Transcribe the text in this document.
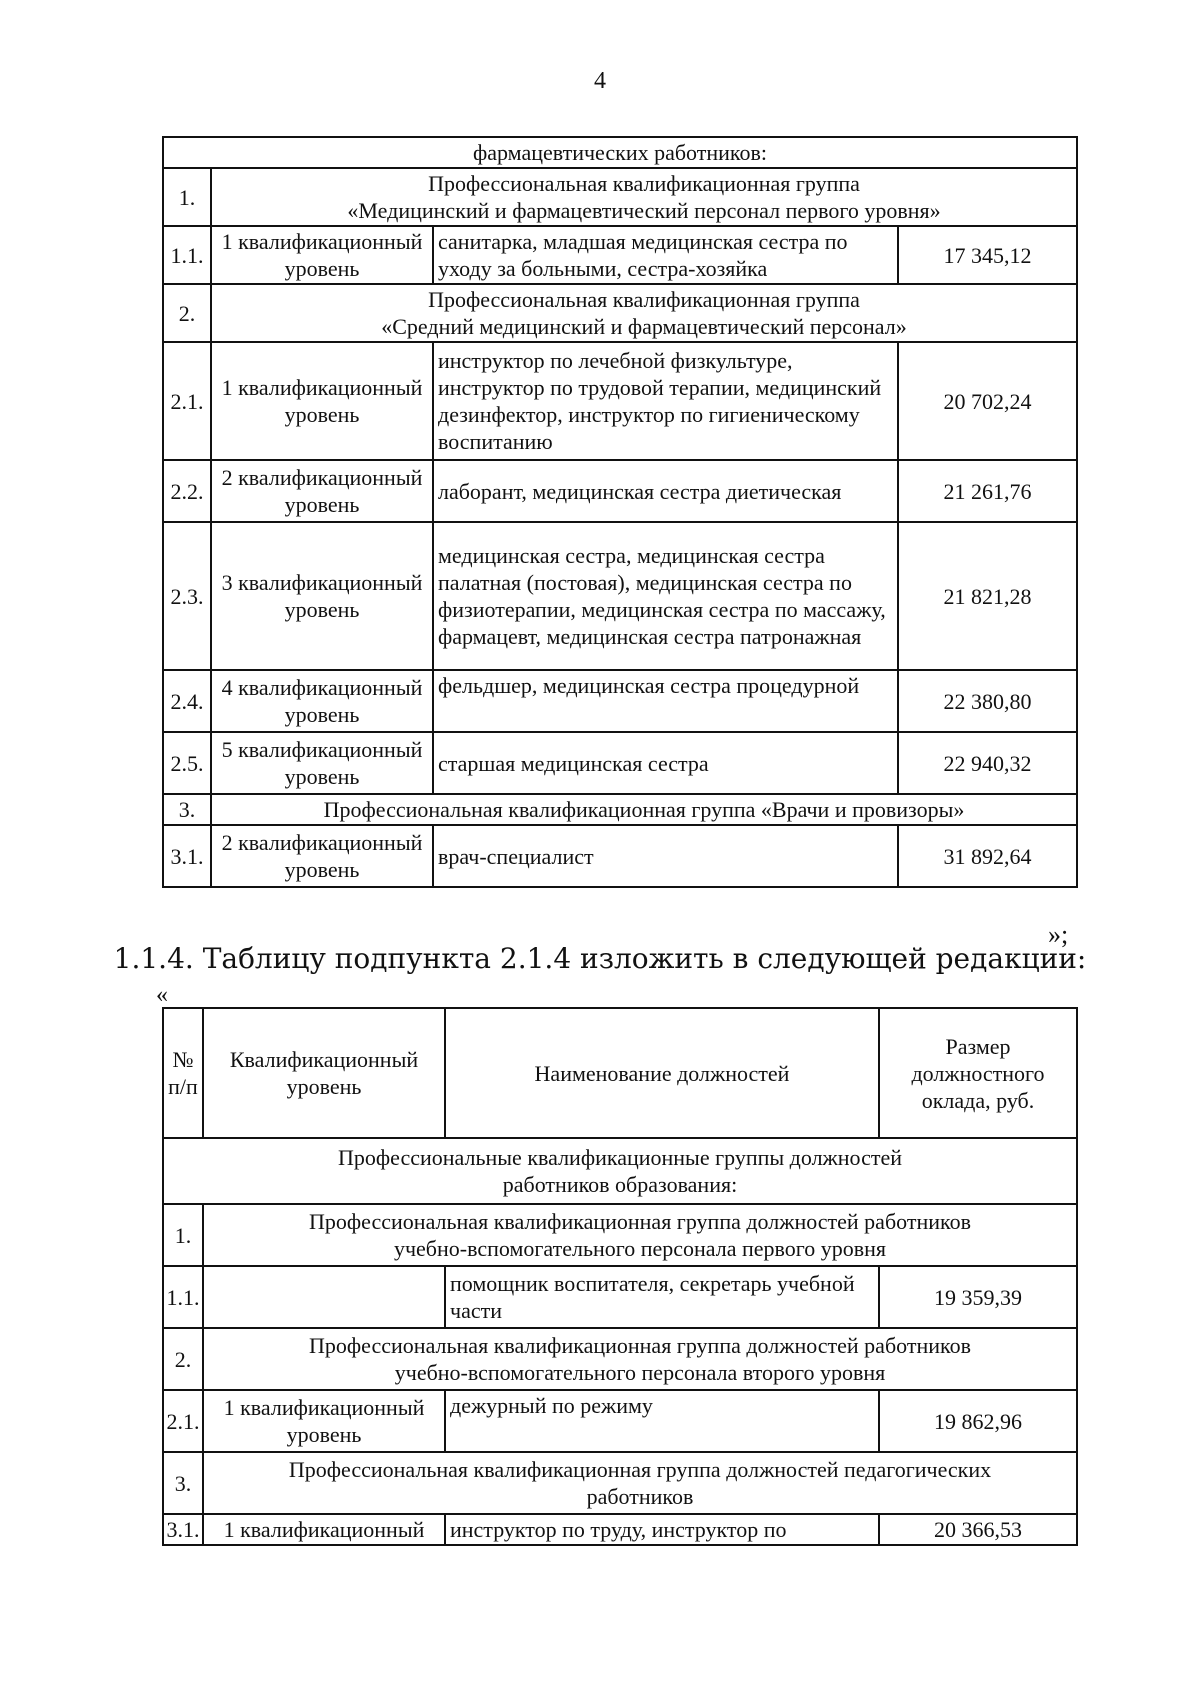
4
фармацевтических работников:			
1.	Профессиональная квалификационная группа
«Медицинский и фармацевтический персонал первого уровня»		

1.1.	1 квалификационный уровень	санитарка, младшая медицинская сестра по уходу за больными, сестра-хозяйка	17 345,12
2.	Профессиональная квалификационная группа
«Средний медицинский и фармацевтический персонал»		

2.1.	1 квалификационный уровень	инструктор по лечебной физкультуре, инструктор по трудовой терапии, медицинский дезинфектор, инструктор по гигиеническому воспитанию	20 702,24
2.2.	2 квалификационный уровень	лаборант, медицинская сестра диетическая	21 261,76
2.3.	3 квалификационный уровень	медицинская сестра, медицинская сестра палатная (постовая), медицинская сестра по физиотерапии, медицинская сестра по массажу, фармацевт, медицинская сестра патронажная	21 821,28
2.4.	4 квалификационный уровень	фельдшер, медицинская сестра процедурной	22 380,80
2.5.	5 квалификационный уровень	старшая медицинская сестра	22 940,32
3.	Профессиональная квалификационная группа «Врачи и провизоры»		
3.1.	2 квалификационный уровень	врач-специалист	31 892,64
»;
1.1.4. Таблицу подпункта 2.1.4 изложить в следующей редакции:
«
№ п/п	Квалификационный уровень	Наименование должностей	Размер должностного оклада, руб.

Профессиональные квалификационные группы должностей
работников образования:			

1.	Профессиональная квалификационная группа должностей работников
учебно-вспомогательного персонала первого уровня		

1.1.		помощник воспитателя, секретарь учебной части	19 359,39
2.	Профессиональная квалификационная группа должностей работников
учебно-вспомогательного персонала второго уровня		

2.1.	1 квалификационный уровень	дежурный по режиму	19 862,96
3.	Профессиональная квалификационная группа должностей педагогических
работников		

3.1.	1 квалификационный	инструктор по труду, инструктор по	20 366,53
